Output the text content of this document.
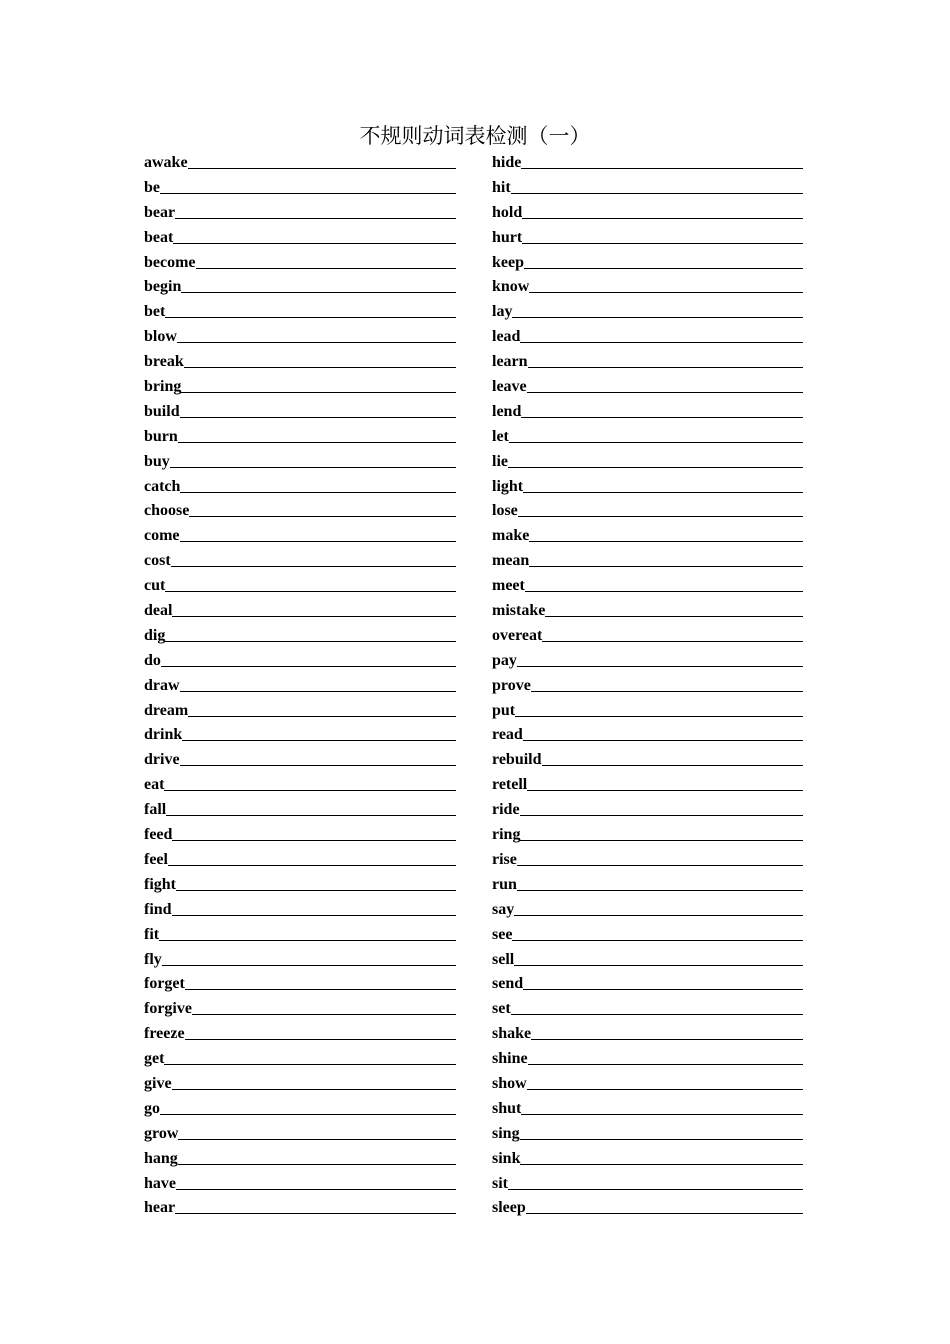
不规则动词表检测（一）
awake
be
bear
beat
become
begin
bet
blow
break
bring
build
burn
buy
catch
choose
come
cost
cut
deal
dig
do
draw
dream
drink
drive
eat
fall
feed
feel
fight
find
fit
fly
forget
forgive
freeze
get
give
go
grow
hang
have
hear
hide
hit
hold
hurt
keep
know
lay
lead
learn
leave
lend
let
lie
light
lose
make
mean
meet
mistake
overeat
pay
prove
put
read
rebuild
retell
ride
ring
rise
run
say
see
sell
send
set
shake
shine
show
shut
sing
sink
sit
sleep
